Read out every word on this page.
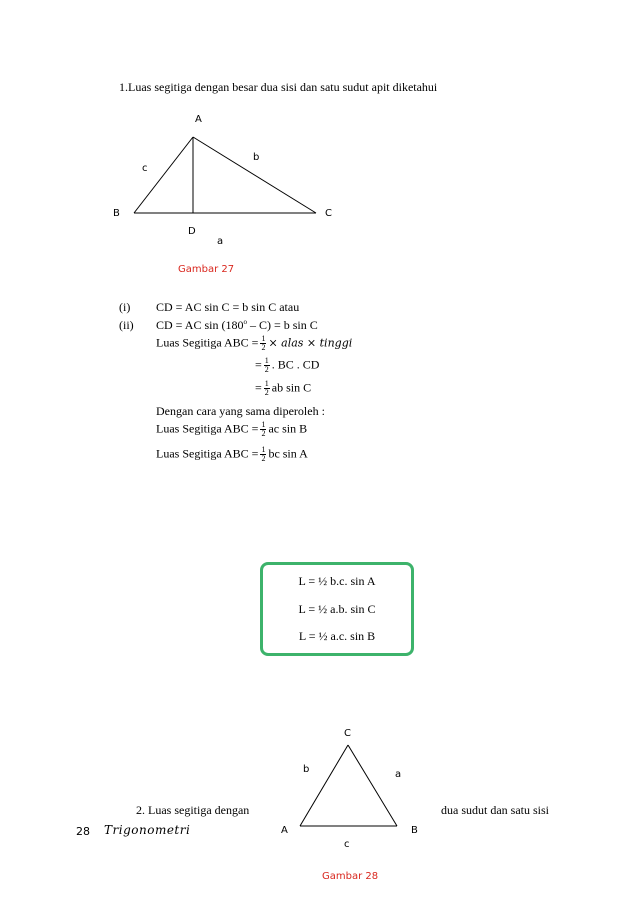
1.Luas segitiga dengan besar dua sisi dan satu sudut apit diketahui
A
B	C
D
a
b
c
Gambar 27
(i) CD = AC sin C = b sin C atau
(ii) CD = AC sin (180$^o$ – C) = b sin C
Luas Segitiga ABC = $\frac{1}{2}$ × alas × tinggi
= $\frac{1}{2}$ . BC . CD
= $\frac{1}{2}$ ab sin C
Dengan cara yang sama diperoleh :
Luas Segitiga ABC = $\frac{1}{2}$ ac sin B
Luas Segitiga ABC = $\frac{1}{2}$ bc sin A
L = ½ b.c. sin A
L = ½ a.b. sin C
L = ½ a.c. sin B
C
b	a
A	B
c
Gambar 28
2. Luas segitiga dengan	dua sudut dan satu sisi
28 Trigonometri
